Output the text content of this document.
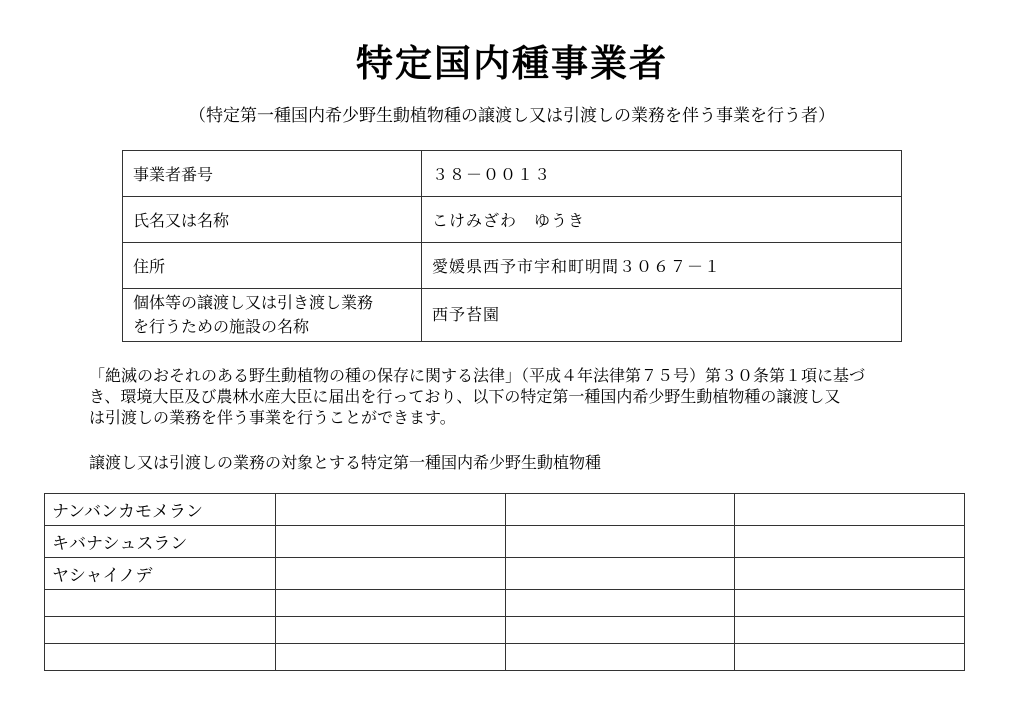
特定国内種事業者
（特定第一種国内希少野生動植物種の譲渡し又は引渡しの業務を伴う事業を行う者）
事業者番号	３８－００１３
氏名又は名称	こけみざわ　ゆうき
住所	愛媛県西予市宇和町明間３０６７－１

個体等の譲渡し又は引き渡し業務
を行うための施設の名称	西予苔園
「絶滅のおそれのある野生動植物の種の保存に関する法律」（平成４年法律第７５号）第３０条第１項に基づ
き、環境大臣及び農林水産大臣に届出を行っており、以下の特定第一種国内希少野生動植物種の譲渡し又
は引渡しの業務を伴う事業を行うことができます。
譲渡し又は引渡しの業務の対象とする特定第一種国内希少野生動植物種
ナンバンカモメラン			
キバナシュスラン			
ヤシャイノデ			
